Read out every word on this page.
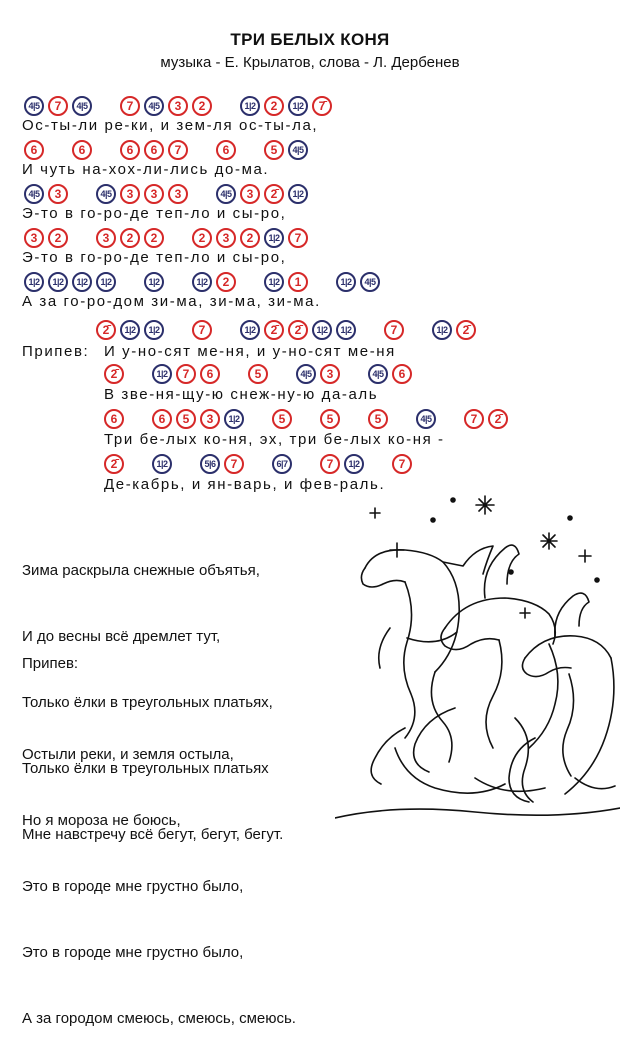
ТРИ БЕЛЫХ КОНЯ
музыка - Е. Крылатов, слова - Л. Дербенев
4|5	7	4|5	7	4|5	3	2	1|2	2	1|2	7̄
Ос-ты-ли ре-ки, и зем-ля ос-ты-ла,
6	6	6	6	7	6	5	4|5
И чуть на-хох-ли-лись до-ма.
4|5	3	4|5	3	3	3	4|5	3	2̄	1|2
Э-то в го-ро-де теп-ло и сы-ро,
3	2	3	2	2	2	3	2	1|2	7
Э-то в го-ро-де теп-ло и сы-ро,
1|2	1|2	1|2	1|2	1|2	1|2	2	1|2	1	1|2	4|5
А за го-ро-дом зи-ма, зи-ма, зи-ма.
2̄	1|2	1|2	7	1|2	2̄	2̄	1|2	1|2	7	1|2	2̄
И у-но-сят ме-ня, и у-но-сят ме-ня
2̄	1|2	7	6	5	4|5	3	4|5	6
В зве-ня-щу-ю снеж-ну-ю да-аль
6	6	5	3	1|2	5	5	5	4|5	7	2̄
Три бе-лых ко-ня, эх, три бе-лых ко-ня -
2̄	1|2	5|6	7	6|7	7	1|2	7
Де-кабрь, и ян-варь, и фев-раль.
Припев:

Зима раскрыла снежные объятья,

И до весны всё дремлет тут,

Только ёлки в треугольных платьях,

Только ёлки в треугольных платьях

Мне навстречу всё бегут, бегут, бегут.

Припев:

Остыли реки, и земля остыла,

Но я мороза не боюсь,

Это в городе мне грустно было,

Это в городе мне грустно было,

А за городом смеюсь, смеюсь, смеюсь.
